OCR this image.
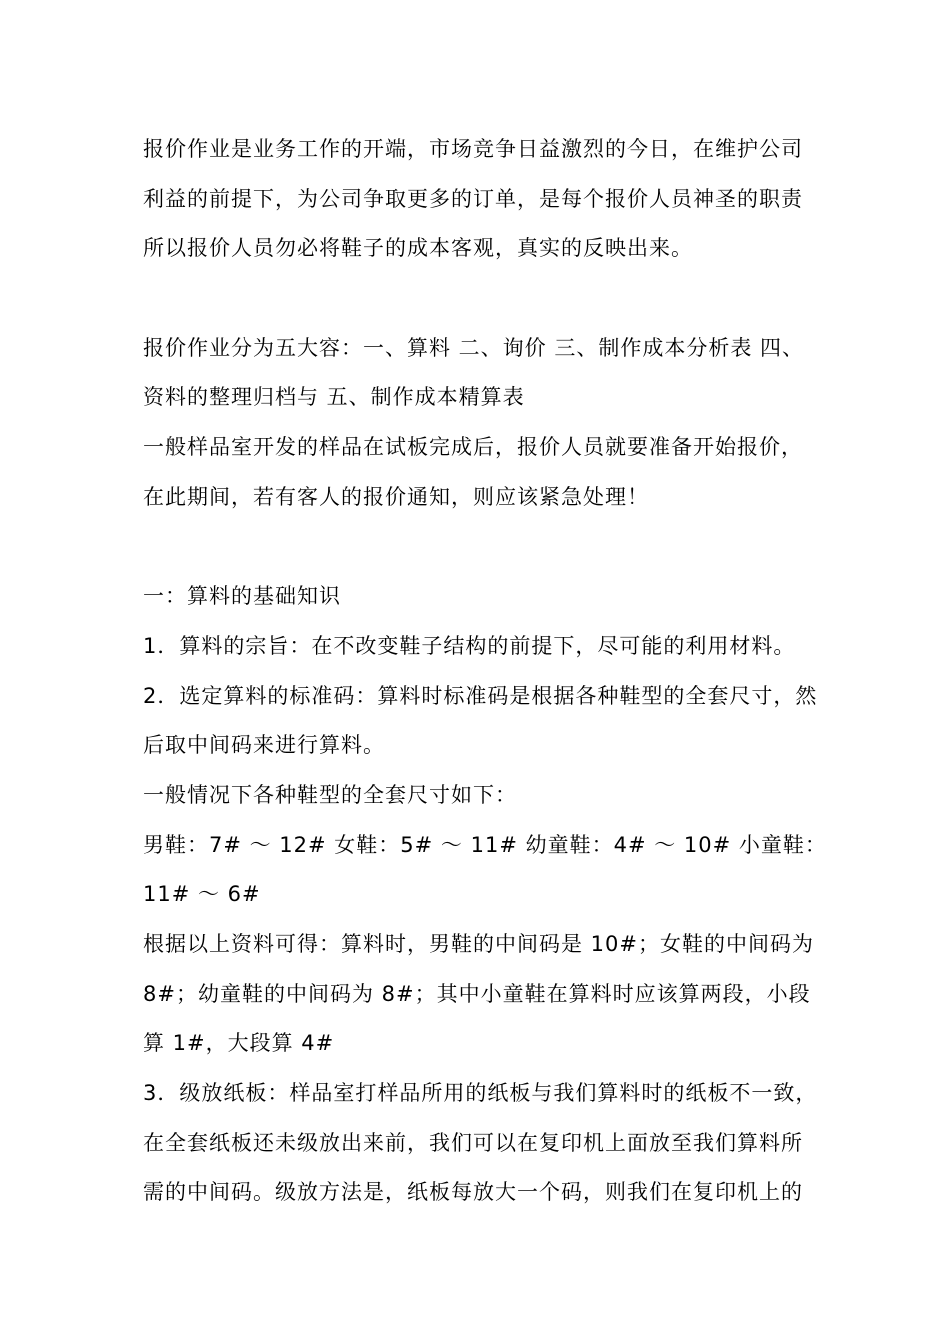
报价作业是业务工作的开端，市场竞争日益激烈的今日，在维护公司
利益的前提下，为公司争取更多的订单，是每个报价人员神圣的职责
所以报价人员勿必将鞋子的成本客观，真实的反映出来。
报价作业分为五大容：一、算料 二、询价 三、制作成本分析表 四、
资料的整理归档与 五、制作成本精算表
一般样品室开发的样品在试板完成后，报价人员就要准备开始报价，
在此期间，若有客人的报价通知，则应该紧急处理！
一：算料的基础知识
1．算料的宗旨：在不改变鞋子结构的前提下，尽可能的利用材料。
2．选定算料的标准码：算料时标准码是根据各种鞋型的全套尺寸，然
后取中间码来进行算料。
一般情况下各种鞋型的全套尺寸如下：
男鞋：7# ～ 12# 女鞋：5# ～ 11# 幼童鞋：4# ～ 10# 小童鞋：
11# ～ 6#
根据以上资料可得：算料时，男鞋的中间码是 10#；女鞋的中间码为
8#；幼童鞋的中间码为 8#；其中小童鞋在算料时应该算两段，小段
算 1#，大段算 4#
3．级放纸板：样品室打样品所用的纸板与我们算料时的纸板不一致，
在全套纸板还未级放出来前，我们可以在复印机上面放至我们算料所
需的中间码。级放方法是，纸板每放大一个码，则我们在复印机上的
